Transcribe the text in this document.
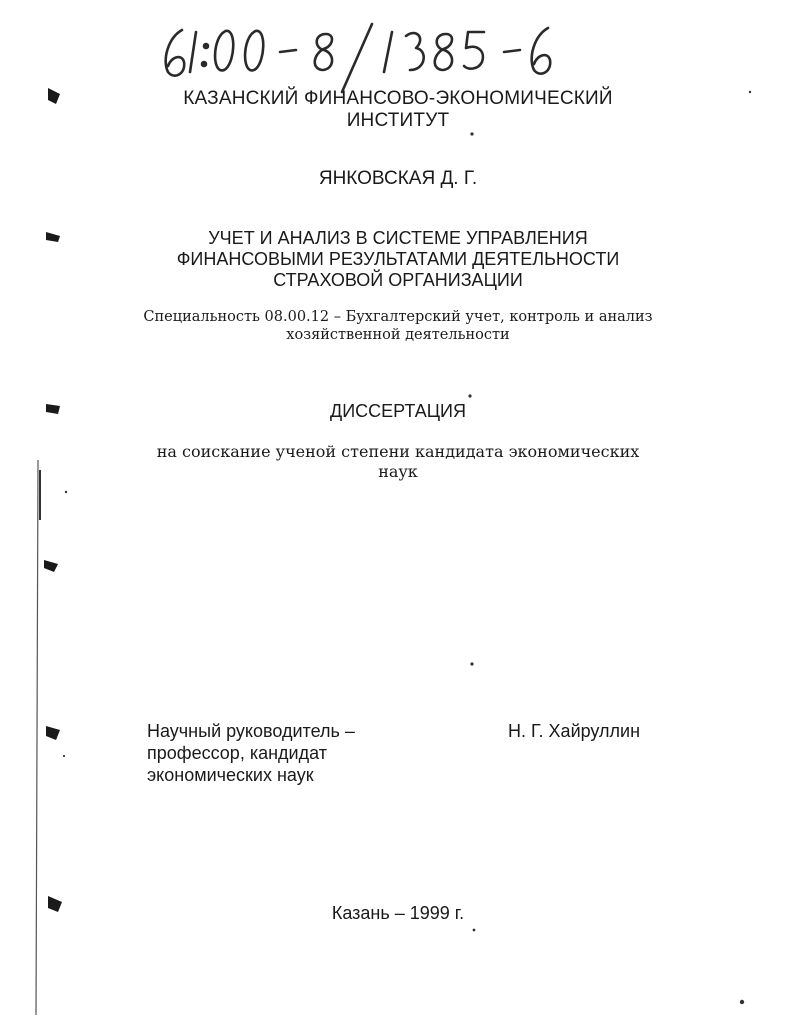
КАЗАНСКИЙ ФИНАНСОВО-ЭКОНОМИЧЕСКИЙ
ИНСТИТУТ
ЯНКОВСКАЯ Д. Г.
УЧЕТ И АНАЛИЗ В СИСТЕМЕ УПРАВЛЕНИЯ
ФИНАНСОВЫМИ РЕЗУЛЬТАТАМИ ДЕЯТЕЛЬНОСТИ
СТРАХОВОЙ ОРГАНИЗАЦИИ
Специальность 08.00.12 – Бухгалтерский учет, контроль и анализ
хозяйственной деятельности
ДИССЕРТАЦИЯ
на соискание ученой степени кандидата экономических
наук
Научный руководитель –
профессор, кандидат
экономических наук
Н. Г. Хайруллин
Казань – 1999 г.
